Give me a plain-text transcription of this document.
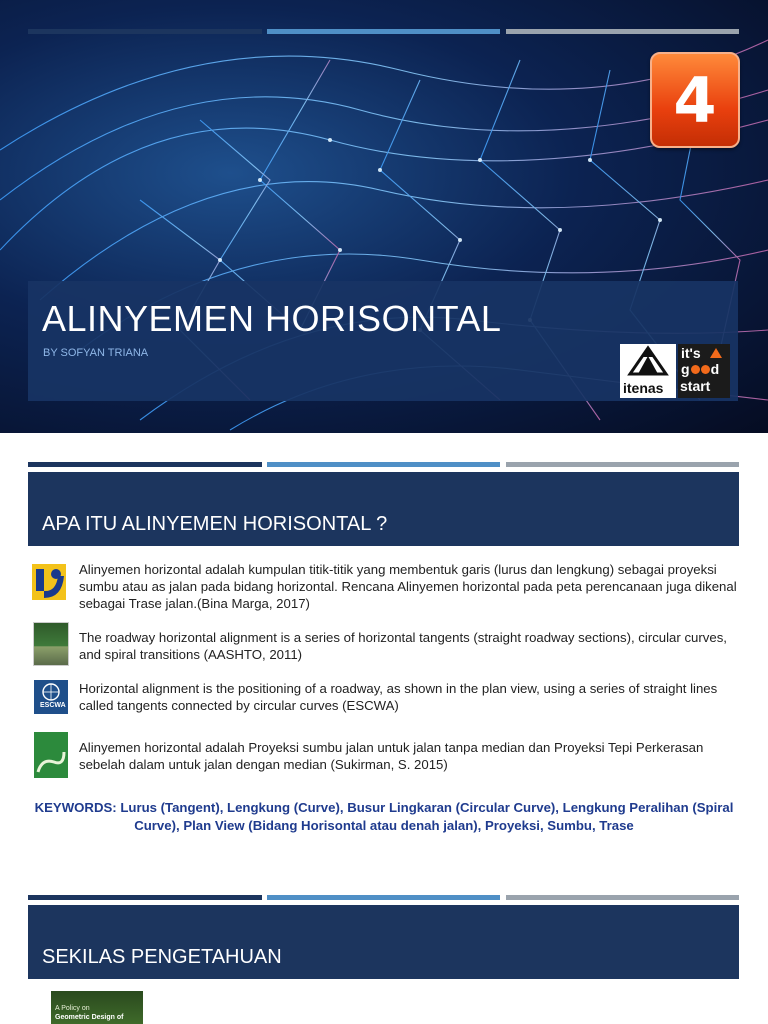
4
ALINYEMEN HORISONTAL
BY SOFYAN TRIANA
itenas
it's
g d
start
APA ITU ALINYEMEN HORISONTAL ?
Alinyemen horizontal adalah kumpulan titik-titik yang membentuk garis (lurus dan lengkung) sebagai proyeksi sumbu atau as jalan pada bidang horizontal. Rencana Alinyemen horizontal pada peta perencanaan juga dikenal sebagai Trase jalan.(Bina Marga, 2017)
The roadway horizontal alignment is a series of horizontal tangents (straight roadway sections), circular curves, and spiral transitions (AASHTO, 2011)
ESCWA
Horizontal alignment is the positioning of a roadway, as shown in the plan view, using a series of straight lines called tangents connected by circular curves (ESCWA)
Alinyemen horizontal adalah Proyeksi sumbu jalan untuk jalan tanpa median dan Proyeksi Tepi Perkerasan sebelah dalam untuk jalan dengan median (Sukirman, S. 2015)
KEYWORDS: Lurus (Tangent), Lengkung (Curve), Busur Lingkaran (Circular Curve), Lengkung Peralihan (Spiral Curve), Plan View (Bidang Horisontal atau denah jalan), Proyeksi, Sumbu, Trase
SEKILAS PENGETAHUAN
A Policy on
Geometric Design of
